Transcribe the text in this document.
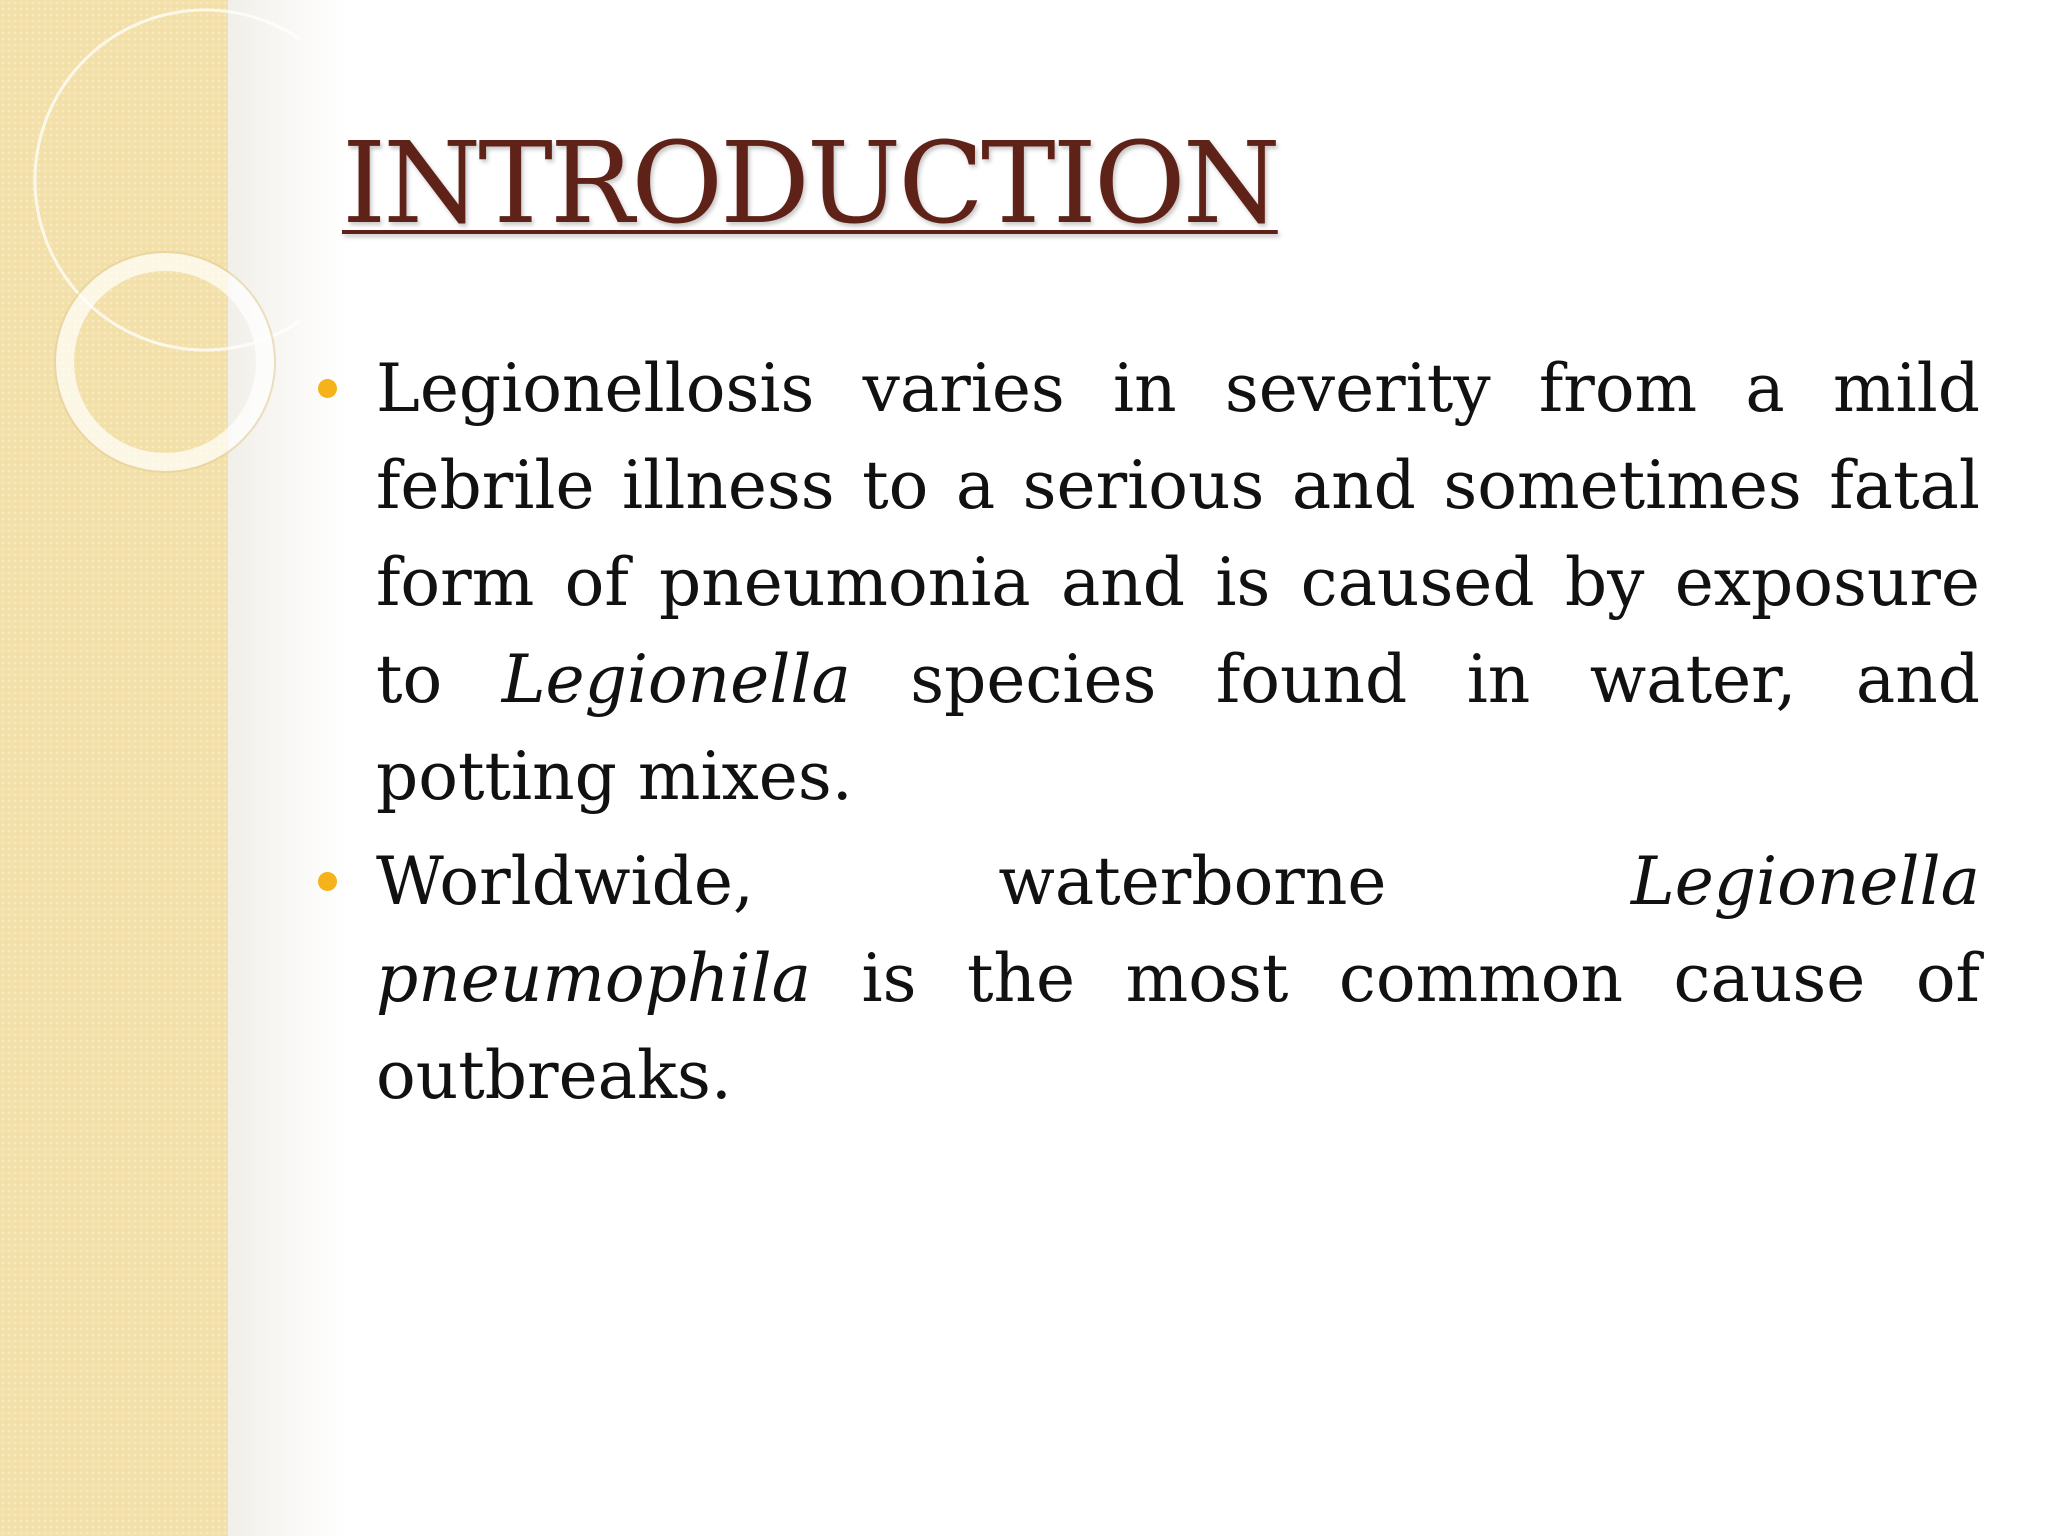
INTRODUCTION
Legionellosis varies in severity from a mild febrile illness to a serious and sometimes fatal form of pneumonia and is caused by exposure to Legionella species found in water, and potting mixes.
Worldwide, waterborne Legionella pneumophila is the most common cause of outbreaks.
